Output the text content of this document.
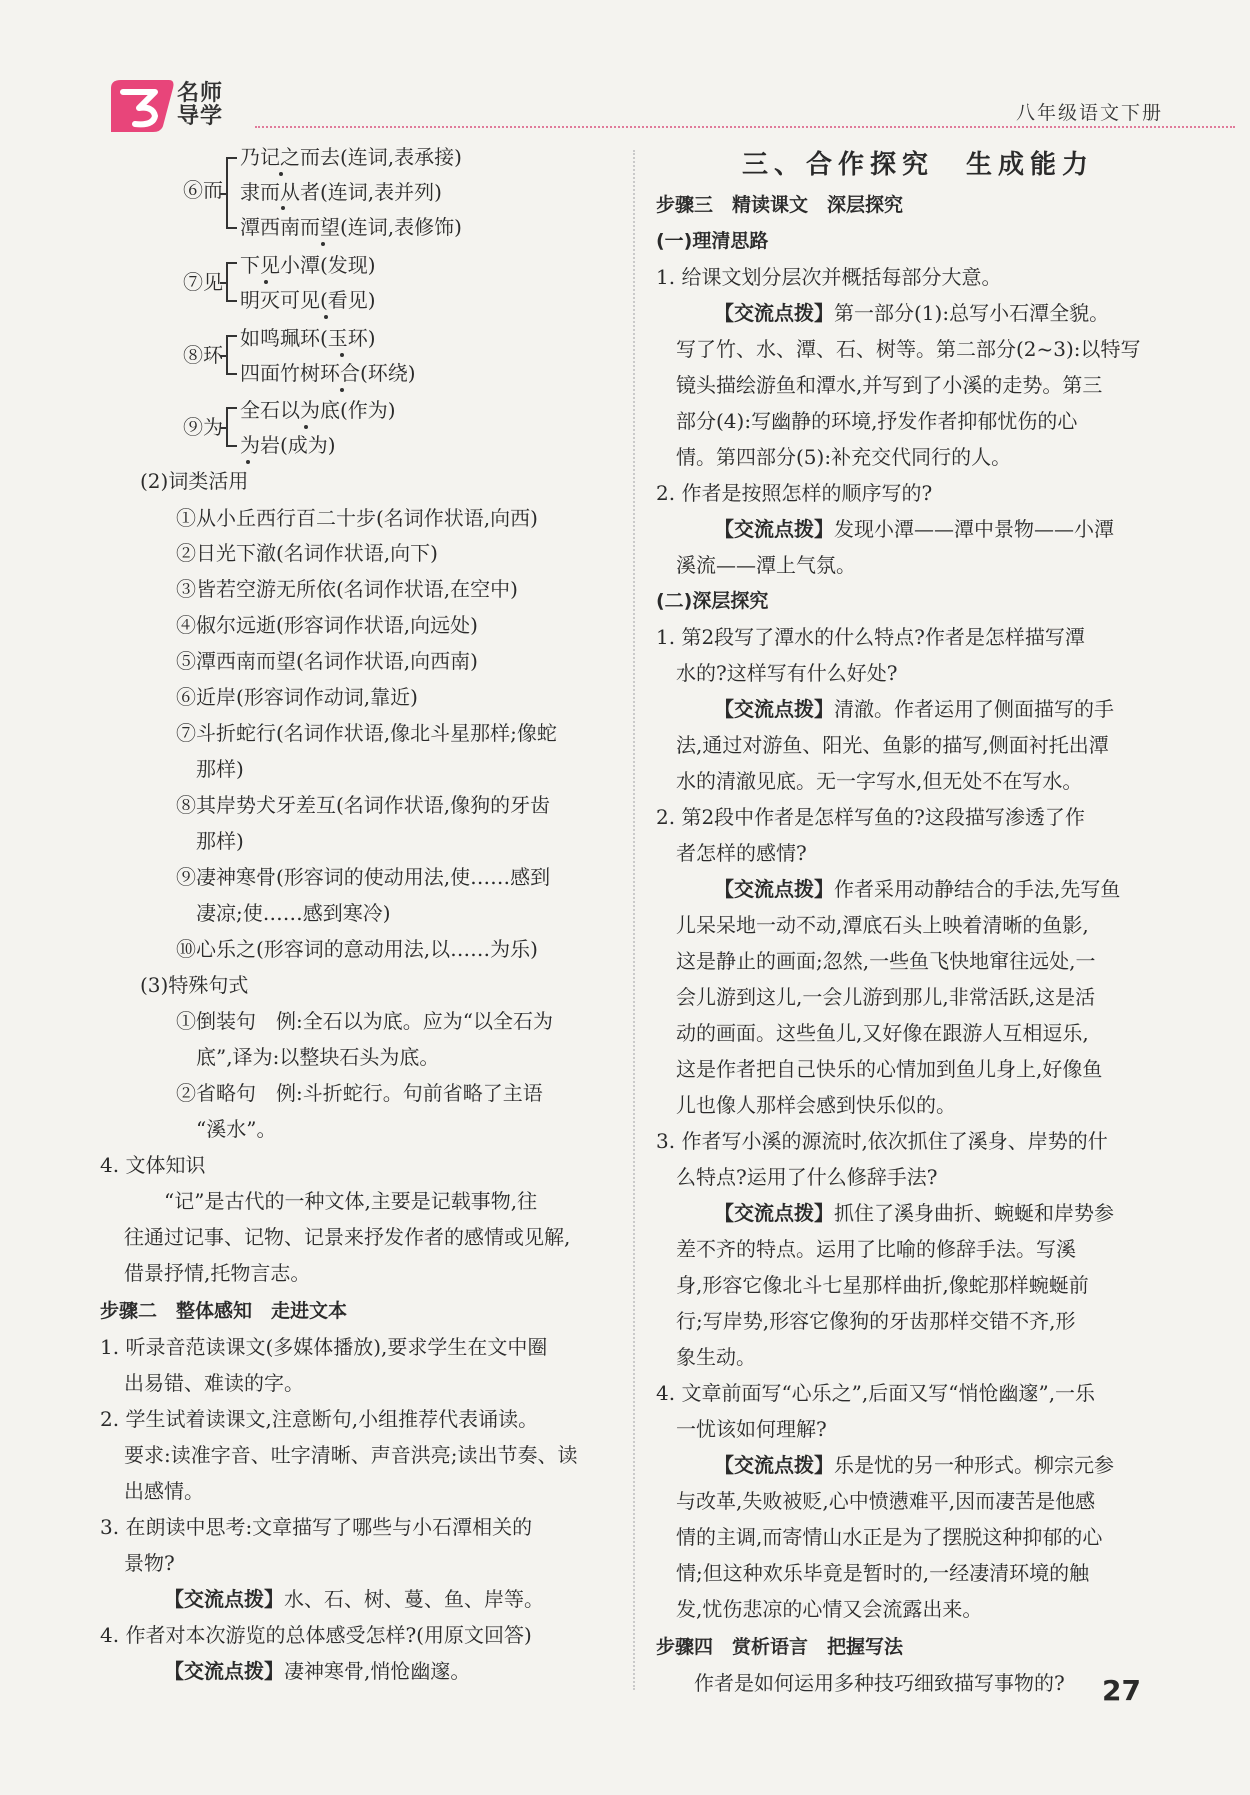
名师
导学	八年级语文下册
⑥而
乃记之而去(连词,表承接)
隶而从者(连词,表并列)
潭西南而望(连词,表修饰)
⑦见
下见小潭(发现)
明灭可见(看见)
⑧环
如鸣珮环(玉环)
四面竹树环合(环绕)
⑨为
全石以为底(作为)
为岩(成为)
(2)词类活用
①从小丘西行百二十步(名词作状语,向西)
②日光下澈(名词作状语,向下)
③皆若空游无所依(名词作状语,在空中)
④俶尔远逝(形容词作状语,向远处)
⑤潭西南而望(名词作状语,向西南)
⑥近岸(形容词作动词,靠近)
⑦斗折蛇行(名词作状语,像北斗星那样;像蛇
那样)
⑧其岸势犬牙差互(名词作状语,像狗的牙齿
那样)
⑨凄神寒骨(形容词的使动用法,使……感到
凄凉;使……感到寒冷)
⑩心乐之(形容词的意动用法,以……为乐)
(3)特殊句式
①倒装句　例:全石以为底。应为“以全石为
底”,译为:以整块石头为底。
②省略句　例:斗折蛇行。句前省略了主语
“溪水”。
4. 文体知识
“记”是古代的一种文体,主要是记载事物,往
往通过记事、记物、记景来抒发作者的感情或见解,
借景抒情,托物言志。
步骤二　整体感知　走进文本
1. 听录音范读课文(多媒体播放),要求学生在文中圈
出易错、难读的字。
2. 学生试着读课文,注意断句,小组推荐代表诵读。
要求:读准字音、吐字清晰、声音洪亮;读出节奏、读
出感情。
3. 在朗读中思考:文章描写了哪些与小石潭相关的
景物?
【交流点拨】水、石、树、蔓、鱼、岸等。
4. 作者对本次游览的总体感受怎样?(用原文回答)
【交流点拨】凄神寒骨,悄怆幽邃。
三、合作探究　生成能力
步骤三　精读课文　深层探究
(一)理清思路
1. 给课文划分层次并概括每部分大意。
【交流点拨】第一部分(1):总写小石潭全貌。
写了竹、水、潭、石、树等。第二部分(2~3):以特写
镜头描绘游鱼和潭水,并写到了小溪的走势。第三
部分(4):写幽静的环境,抒发作者抑郁忧伤的心
情。第四部分(5):补充交代同行的人。
2. 作者是按照怎样的顺序写的?
【交流点拨】发现小潭——潭中景物——小潭
溪流——潭上气氛。
(二)深层探究
1. 第2段写了潭水的什么特点?作者是怎样描写潭
水的?这样写有什么好处?
【交流点拨】清澈。作者运用了侧面描写的手
法,通过对游鱼、阳光、鱼影的描写,侧面衬托出潭
水的清澈见底。无一字写水,但无处不在写水。
2. 第2段中作者是怎样写鱼的?这段描写渗透了作
者怎样的感情?
【交流点拨】作者采用动静结合的手法,先写鱼
儿呆呆地一动不动,潭底石头上映着清晰的鱼影,
这是静止的画面;忽然,一些鱼飞快地窜往远处,一
会儿游到这儿,一会儿游到那儿,非常活跃,这是活
动的画面。这些鱼儿,又好像在跟游人互相逗乐,
这是作者把自己快乐的心情加到鱼儿身上,好像鱼
儿也像人那样会感到快乐似的。
3. 作者写小溪的源流时,依次抓住了溪身、岸势的什
么特点?运用了什么修辞手法?
【交流点拨】抓住了溪身曲折、蜿蜒和岸势参
差不齐的特点。运用了比喻的修辞手法。写溪
身,形容它像北斗七星那样曲折,像蛇那样蜿蜒前
行;写岸势,形容它像狗的牙齿那样交错不齐,形
象生动。
4. 文章前面写“心乐之”,后面又写“悄怆幽邃”,一乐
一忧该如何理解?
【交流点拨】乐是忧的另一种形式。柳宗元参
与改革,失败被贬,心中愤懑难平,因而凄苦是他感
情的主调,而寄情山水正是为了摆脱这种抑郁的心
情;但这种欢乐毕竟是暂时的,一经凄清环境的触
发,忧伤悲凉的心情又会流露出来。
步骤四　赏析语言　把握写法
作者是如何运用多种技巧细致描写事物的? 27
